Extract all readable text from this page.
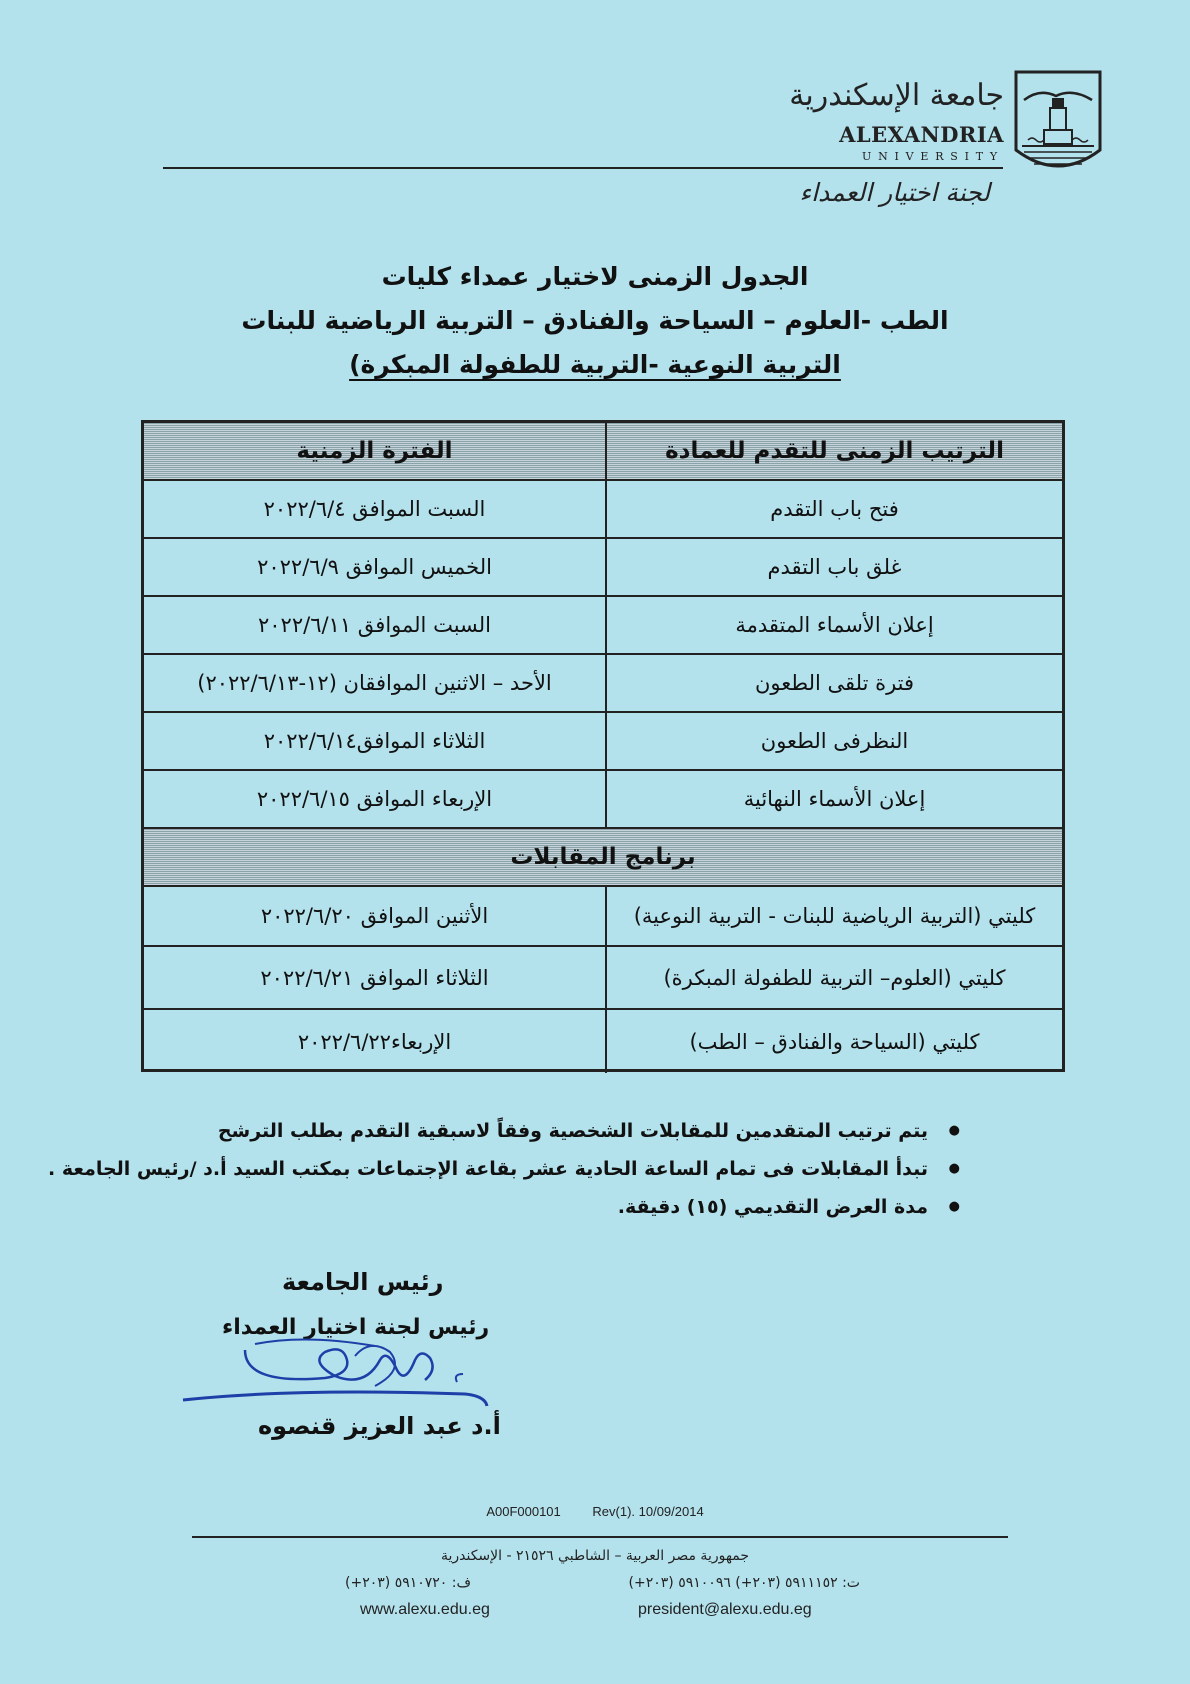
جامعة الإسكندرية
ALEXANDRIA
UNIVERSITY
لجنة اختيار العمداء
الجدول الزمنى لاختيار عمداء كليات
الطب -العلوم – السياحة والفنادق – التربية الرياضية للبنات
التربية النوعية -التربية للطفولة المبكرة)
الفترة الزمنية	الترتيب الزمنى للتقدم للعمادة
السبت الموافق ٢٠٢٢/٦/٤	فتح باب التقدم
الخميس الموافق ٢٠٢٢/٦/٩	غلق باب التقدم
السبت الموافق ٢٠٢٢/٦/١١	إعلان الأسماء المتقدمة
الأحد – الاثنين الموافقان (١٢-٢٠٢٢/٦/١٣)	فترة تلقى الطعون
الثلاثاء الموافق٢٠٢٢/٦/١٤	النظرفى الطعون
الإربعاء الموافق ٢٠٢٢/٦/١٥	إعلان الأسماء النهائية
برنامج المقابلات
الأثنين الموافق ٢٠٢٢/٦/٢٠	كليتي (التربية الرياضية للبنات - التربية النوعية)
الثلاثاء الموافق ٢٠٢٢/٦/٢١	كليتي (العلوم– التربية للطفولة المبكرة)
الإربعاء٢٠٢٢/٦/٢٢	كليتي (السياحة والفنادق – الطب)
● يتم ترتيب المتقدمين للمقابلات الشخصية وفقاً لاسبقية التقدم بطلب الترشح
● تبدأ المقابلات فى تمام الساعة الحادية عشر بقاعة الإجتماعات بمكتب السيد أ.د /رئيس الجامعة .
● مدة العرض التقديمي (١٥) دقيقة.
رئيس الجامعة
رئيس لجنة اختيار العمداء
أ.د عبد العزيز قنصوه
A00F000101 Rev(1). 10/09/2014
جمهورية مصر العربية – الشاطبي ٢١٥٢٦ - الإسكندرية
ت: ٥٩١١١٥٢ (٢٠٣+) ٥٩١٠٠٩٦ (٢٠٣+)
ف: ٥٩١٠٧٢٠ (٢٠٣+)
www.alexu.edu.eg	president@alexu.edu.eg
